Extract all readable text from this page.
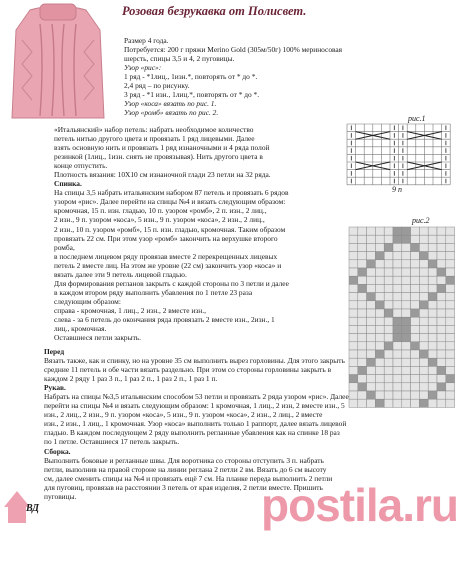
Розовая безрукавка от Полисвет.

Размер 4 года.

Потребуется: 200 г пряжи Merino Gold (305м/50г) 100% мериносовая

шерсть, спицы 3,5 и 4, 2 пуговицы.

Узор «рис»:

1 ряд - *1лиц., 1изн.*, повторять от * до *.

2,4 ряд – по рисунку.

3 ряд - *1 изн., 1лиц.*, повторять от * до *.

Узор «коса» вязать по рис. 1.

Узор «ромб» вязать по рис. 2.

«Итальянский» набор петель: набрать необходимое количество

петель нитью другого цвета и провязать 1 ряд лицевыми. Далее

взять основную нить и провязать 1 ряд изнаночными и 4 ряда полой

резинкой (1лиц., 1изн. снять не провязывая). Нить другого цвета в

конце отпустить.

Плотность вязания: 10Х10 см изнаночной глади 23 петли на 32 ряда.

Спинка.

На спицы 3,5 набрать итальянским набором 87 петель и провязать 6 рядов

узором «рис». Далее перейти на спицы №4 и вязать следующим образом:

кромочная, 15 п. изн. гладью, 10 п. узором «ромб», 2 п. изн., 2 лиц.,

2 изн., 9 п. узором «коса», 5 изн., 9 п. узором «коса», 2 изн., 2 лиц.,

2 изн., 10 п. узором «ромб», 15 п. изн. гладью, кромочная. Таким образом

провязать 22 см. При этом узор «ромб» закончить на верхушке второго

ромба,

в последнем лицевом ряду провязав вместе 2 перекрещенных лицевых

петель 2 вместе лиц. На этом же уровне (22 см) закончить узор «коса» и

вязать далее эти 9 петель лицевой гладью.

Для формирования регланов закрыть с каждой стороны по 3 петли и далее

в каждом втором ряду выполнить убавления по 1 петле 23 раза

следующим образом:

справа - кромочная, 1 лиц., 2 изн., 2 вместе изн.,

слева - за 6 петель до окончания ряда провязать 2 вместе изн., 2изн., 1

лиц., кромочная.

Оставшиеся петли закрыть.

Перед

Вязать также, как и спинку, но на уровне 35 см выполнить вырез горловины. Для этого закрыть

средние 11 петель и обе части вязать раздельно. При этом со стороны горловины закрыть в

каждом 2 ряду 1 раз 3 п., 1 раз 2 п., 1 раз 2 п., 1 раз 1 п.

Рукав.

Набрать на спицы №3,5 итальянским способом 53 петли и провязать 2 ряда узором «рис». Далее

перейти на спицы №4 и вязать следующим образом: 1 кромочная, 1 лиц., 2 изн, 2 вместе изн., 5

изн., 2 лиц., 2 изн., 9 п. узором «коса», 5 изн., 9 п. узором «коса», 2 изн., 2 лиц., 2 вместе

изн., 2 изн., 1 лиц., 1 кромочная. Узор «коса» выполнить только 1 раппорт, далее вязать лицевой

гладью. В каждом последующем 2 ряду выполнить регланные убавления как на спинке 18 раз

по 1 петле. Оставшиеся 17 петель закрыть.

Сборка.

Выполнить боковые и регланные швы. Для воротника со стороны отступить 3 п. набрать

петли, выполнив на правой стороне на линии реглана 2 петли 2 вм. Вязать до 6 см высоту

см, далее сменить спицы на №4 и провязать ещё 7 см. На планке переда выполнить 2 петли

для пуговиц, провязав на расстоянии 3 петель от края изделия, 2 петли вместе. Пришить

пуговицы.

рис.1
9 п
рис.2
ВД	postila.ru
